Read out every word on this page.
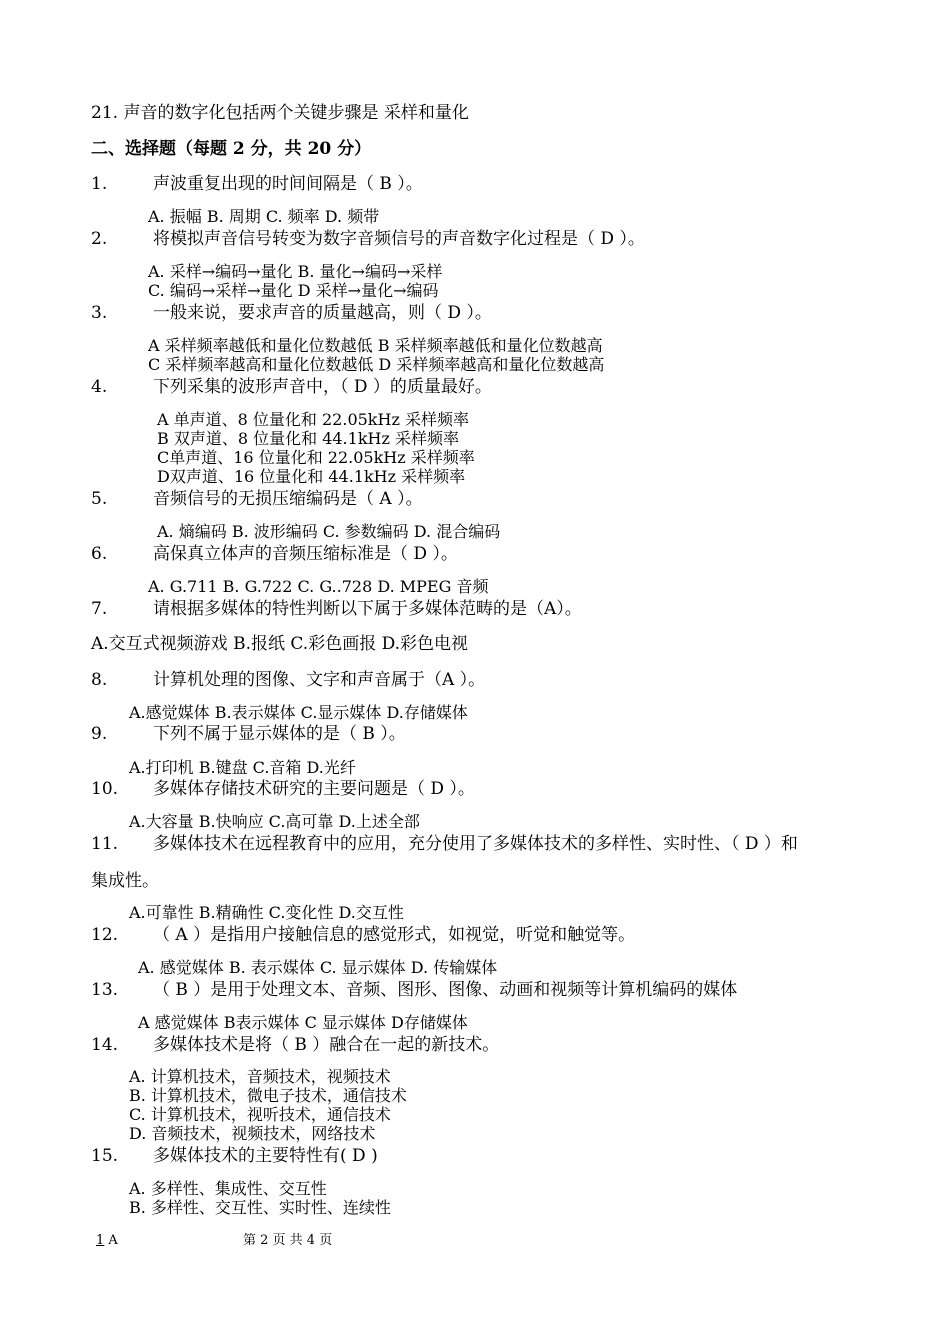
21. 声音的数字化包括两个关键步骤是 采样和量化
二、选择题（每题 2 分，共 20 分）
1.	声波重复出现的时间间隔是（ B ）。
A. 振幅 B. 周期 C. 频率 D. 频带
2.	将模拟声音信号转变为数字音频信号的声音数字化过程是（ D ）。
A. 采样→编码→量化 B. 量化→编码→采样
C. 编码→采样→量化 D 采样→量化→编码
3.	一般来说，要求声音的质量越高，则（ D ）。
A 采样频率越低和量化位数越低 B 采样频率越低和量化位数越高
C 采样频率越高和量化位数越低 D 采样频率越高和量化位数越高
4.	下列采集的波形声音中，（ D ）的质量最好。
A 单声道、8 位量化和 22.05kHz 采样频率
B 双声道、8 位量化和 44.1kHz 采样频率
C单声道、16 位量化和 22.05kHz 采样频率
D双声道、16 位量化和 44.1kHz 采样频率
5.	音频信号的无损压缩编码是（ A ）。
A. 熵编码 B. 波形编码 C. 参数编码 D. 混合编码
6.	高保真立体声的音频压缩标准是（ D ）。
A. G.711 B. G.722 C. G..728 D. MPEG 音频
7.	请根据多媒体的特性判断以下属于多媒体范畴的是（A）。
A.交互式视频游戏 B.报纸 C.彩色画报 D.彩色电视
8.	计算机处理的图像、文字和声音属于（A ）。
A.感觉媒体 B.表示媒体 C.显示媒体 D.存储媒体
9.	下列不属于显示媒体的是（ B ）。
A.打印机 B.键盘 C.音箱 D.光纤
10. 多媒体存储技术研究的主要问题是（ D ）。
A.大容量 B.快响应 C.高可靠 D.上述全部
11. 多媒体技术在远程教育中的应用，充分使用了多媒体技术的多样性、实时性、（ D ）和
集成性。
A.可靠性 B.精确性 C.变化性 D.交互性
12. （ A ）是指用户接触信息的感觉形式，如视觉，听觉和触觉等。
A. 感觉媒体 B. 表示媒体 C. 显示媒体 D. 传输媒体
13. （ B ）是用于处理文本、音频、图形、图像、动画和视频等计算机编码的媒体
A 感觉媒体 B表示媒体 C 显示媒体 D存储媒体
14. 多媒体技术是将（ B ）融合在一起的新技术。
A. 计算机技术，音频技术，视频技术
B. 计算机技术，微电子技术，通信技术
C. 计算机技术，视听技术，通信技术
D. 音频技术，视频技术，网络技术
15. 多媒体技术的主要特性有( D )
A. 多样性、集成性、交互性
B. 多样性、交互性、实时性、连续性
1 A	第 2 页 共 4 页
